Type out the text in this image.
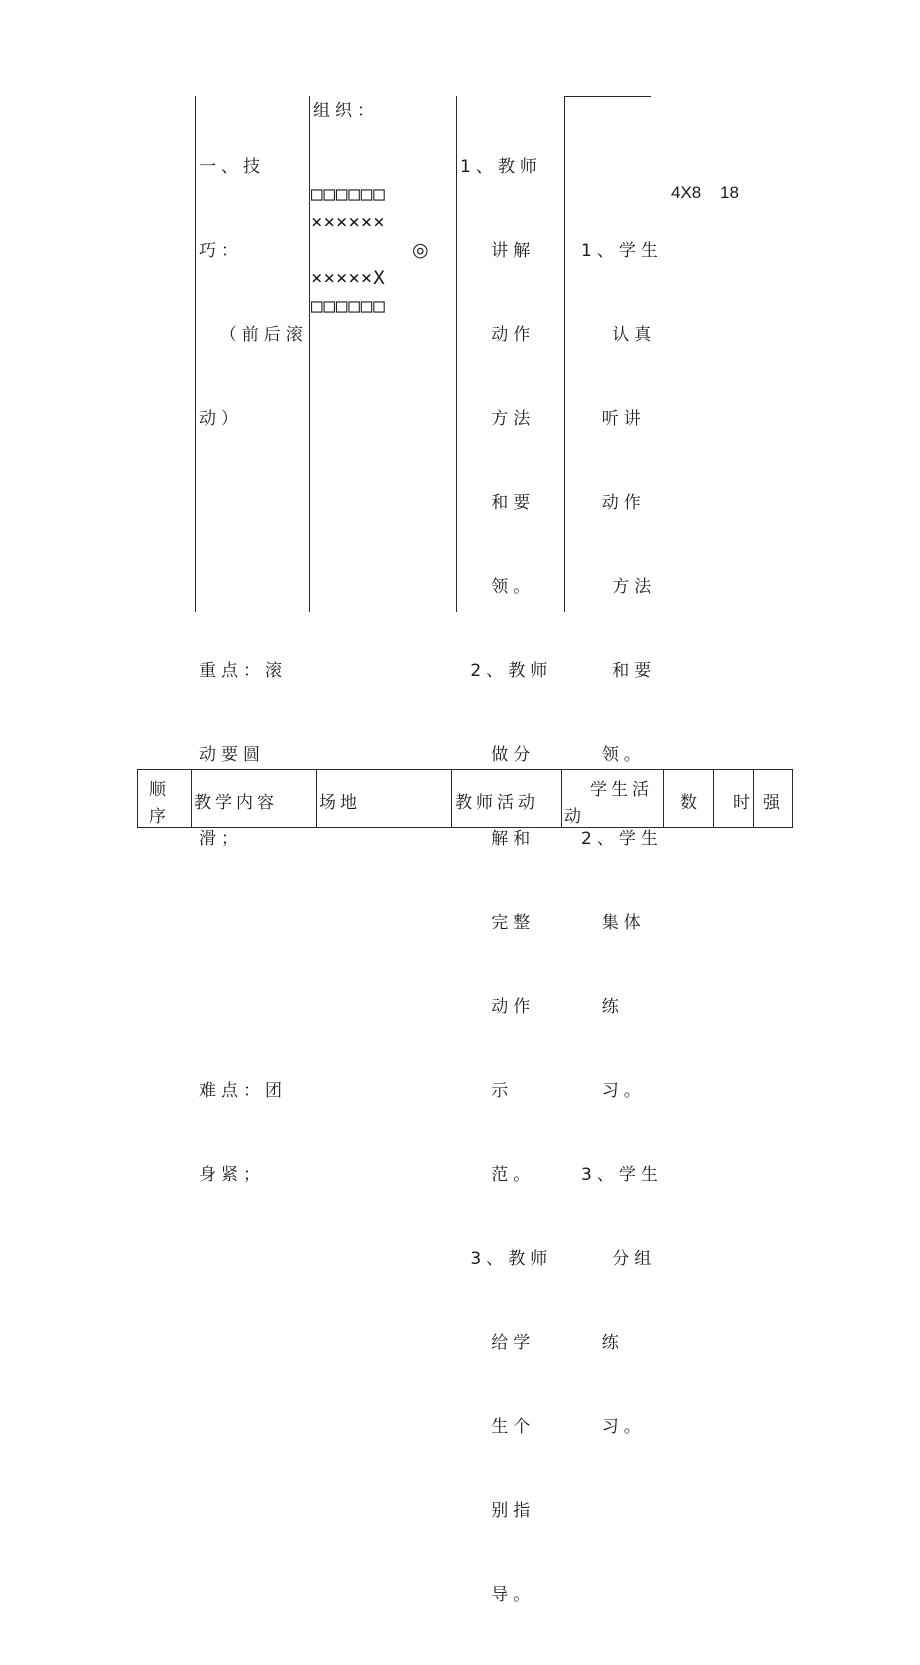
一、技

巧：

（前后滚

动）

重点：滚

动要圆

滑；

难点：团

身紧；

组织：
□□□□□□
××××××
◎
×××××X
□□□□□□

1、教师

讲解

动作

方法

和要

领。

2、教师

做分

解和

完整

动作

示

范。

3、教师

给学

生个

别指

导。

1、学生

认真

听讲

动作

方法

和要

领。

2、学生

集体

练

习。

3、学生

分组

练

习。

4X8 18
顺
序
教学内容 场地	教师活动
学生活
动
数 时 强
